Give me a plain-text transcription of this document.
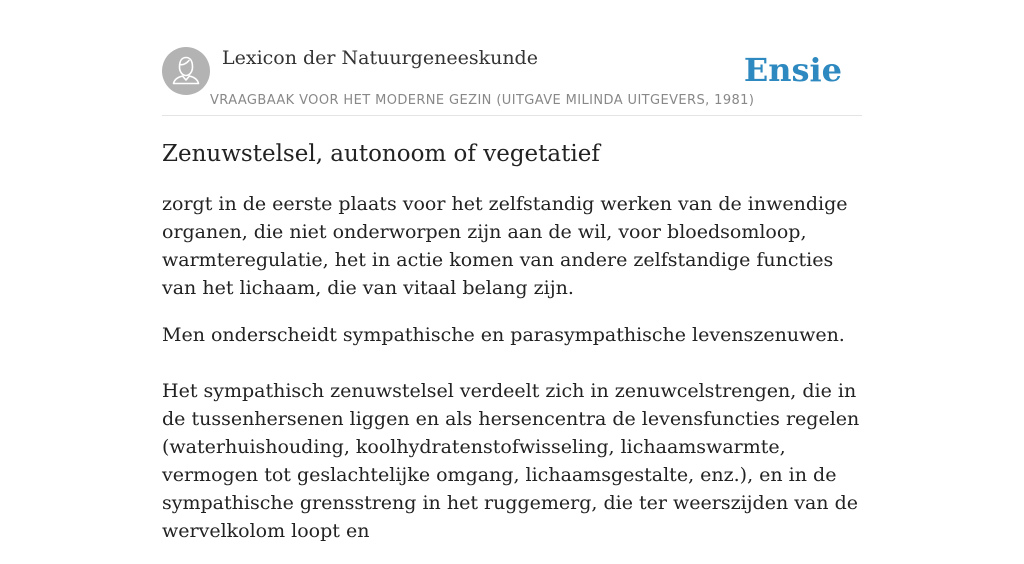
Lexicon der Natuurgeneeskunde
VRAAGBAAK VOOR HET MODERNE GEZIN (UITGAVE MILINDA UITGEVERS, 1981)
Ensie
Zenuwstelsel, autonoom of vegetatief

zorgt in de eerste plaats voor het zelfstandig werken van de inwendige organen, die niet onderworpen zijn aan de wil, voor bloedsomloop, warmteregulatie, het in actie komen van andere zelfstandige functies van het lichaam, die van vitaal belang zijn.

Men onderscheidt sympathische en parasympathische levenszenuwen.

Het sympathisch zenuwstelsel verdeelt zich in zenuwcelstrengen, die in de tussenhersenen liggen en als hersencentra de levensfuncties regelen (waterhuishouding, koolhydratenstofwisseling, lichaamswarmte, vermogen tot geslachtelijke omgang, lichaamsgestalte, enz.), en in de sympathische grensstreng in het ruggemerg, die ter weerszijden van de wervelkolom loopt en
